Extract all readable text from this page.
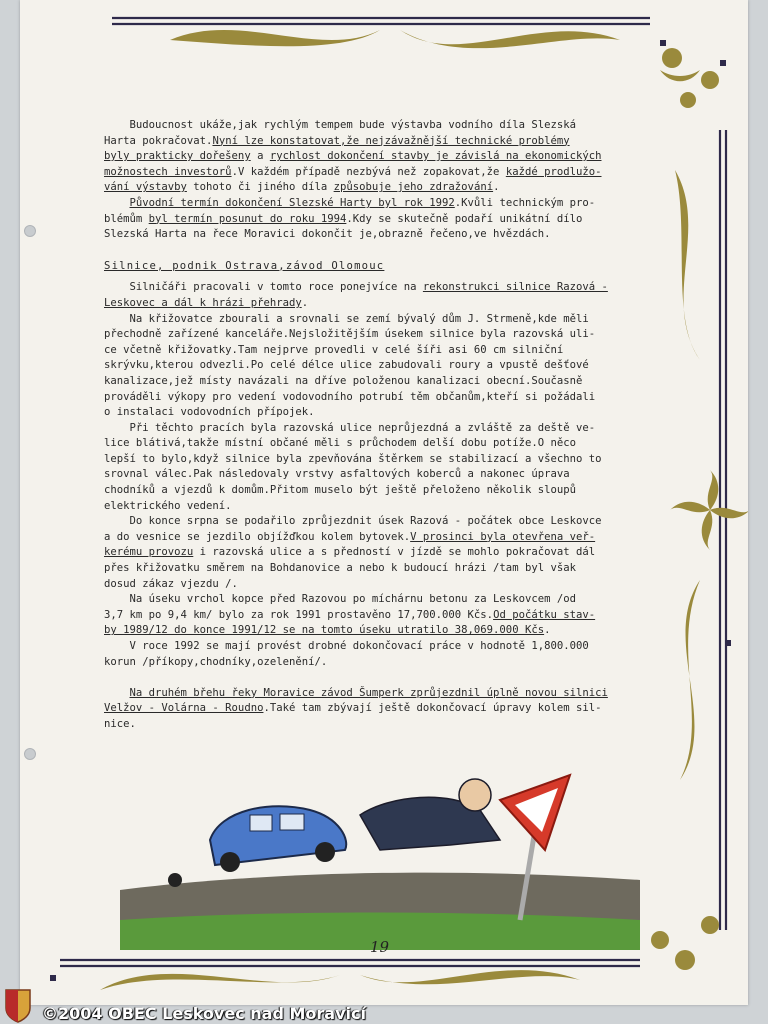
Budoucnost ukáže,jak rychlým tempem bude výstavba vodního díla Slezská

Harta pokračovat.Nyní lze konstatovat,že nejzávažnější technické problémy

byly prakticky dořešeny a rychlost dokončení stavby je závislá na ekonomických

možnostech investorů.V každém případě nezbývá než zopakovat,že každé prodlužo-

vání výstavby tohoto či jiného díla způsobuje jeho zdražování.

Původní termín dokončení Slezské Harty byl rok 1992.Kvůli technickým pro-

blémům byl termín posunut do roku 1994.Kdy se skutečně podaří unikátní dílo

Slezská Harta na řece Moravici dokončit je,obrazně řečeno,ve hvězdách.

Silnice, podnik Ostrava,závod Olomouc

Silničáři pracovali v tomto roce ponejvíce na rekonstrukci silnice Razová -

Leskovec a dál k hrázi přehrady.

Na křižovatce zbourali a srovnali se zemí bývalý dům J. Strmeně,kde měli

přechodně zařízené kanceláře.Nejsložitějším úsekem silnice byla razovská uli-

ce včetně křižovatky.Tam nejprve provedli v celé šíři asi 60 cm silniční

skrývku,kterou odvezli.Po celé délce ulice zabudovali roury a vpustě dešťové

kanalizace,jež místy navázali na dříve položenou kanalizaci obecní.Současně

prováděli výkopy pro vedení vodovodního potrubí těm občanům,kteří si požádali

o instalaci vodovodních přípojek.

Při těchto pracích byla razovská ulice neprůjezdná a zvláště za deště ve-

lice blátivá,takže místní občané měli s průchodem delší dobu potíže.O něco

lepší to bylo,když silnice byla zpevňována štěrkem se stabilizací a všechno to

srovnal válec.Pak následovaly vrstvy asfaltových koberců a nakonec úprava

chodníků a vjezdů k domům.Přitom muselo být ještě přeloženo několik sloupů

elektrického vedení.

Do konce srpna se podařilo zprůjezdnit úsek Razová - počátek obce Leskovce

a do vesnice se jezdilo objížďkou kolem bytovek.V prosinci byla otevřena veř-

kerému provozu i razovská ulice a s předností v jízdě se mohlo pokračovat dál

přes křižovatku směrem na Bohdanovice a nebo k budoucí hrázi /tam byl však

dosud zákaz vjezdu /.

Na úseku vrchol kopce před Razovou po míchárnu betonu za Leskovcem /od

3,7 km po 9,4 km/ bylo za rok 1991 prostavěno 17,700.000 Kčs.Od počátku stav-

by 1989/12 do konce 1991/12 se na tomto úseku utratilo 38,069.000 Kčs.

V roce 1992 se mají provést drobné dokončovací práce v hodnotě 1,800.000

korun /příkopy,chodníky,ozelenění/.

Na druhém břehu řeky Moravice závod Šumperk zprůjezdnil úplně novou silnici

Velžov - Volárna - Roudno.Také tam zbývají ještě dokončovací úpravy kolem sil-

nice.

19
©2004 OBEC Leskovec nad Moravicí
